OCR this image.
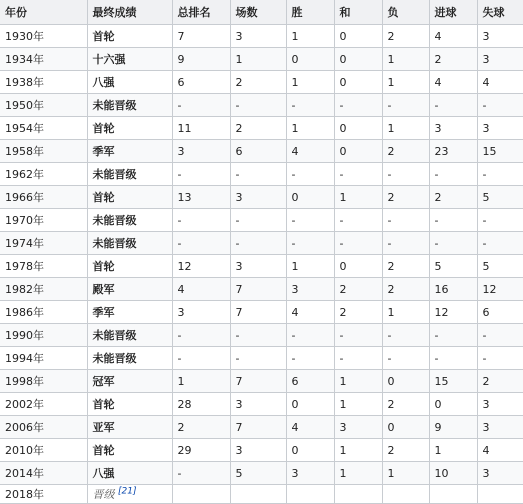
年份	最终成绩	总排名	场数	胜	和	负	进球	失球
1930年	首轮	7	3	1	0	2	4	3
1934年	十六强	9	1	0	0	1	2	3
1938年	八强	6	2	1	0	1	4	4
1950年	未能晋级	-	-	-	-	-	-	-
1954年	首轮	11	2	1	0	1	3	3
1958年	季军	3	6	4	0	2	23	15
1962年	未能晋级	-	-	-	-	-	-	-
1966年	首轮	13	3	0	1	2	2	5
1970年	未能晋级	-	-	-	-	-	-	-
1974年	未能晋级	-	-	-	-	-	-	-
1978年	首轮	12	3	1	0	2	5	5
1982年	殿军	4	7	3	2	2	16	12
1986年	季军	3	7	4	2	1	12	6
1990年	未能晋级	-	-	-	-	-	-	-
1994年	未能晋级	-	-	-	-	-	-	-
1998年	冠军	1	7	6	1	0	15	2
2002年	首轮	28	3	0	1	2	0	3
2006年	亚军	2	7	4	3	0	9	3
2010年	首轮	29	3	0	1	2	1	4
2014年	八强	-	5	3	1	1	10	3
2018年	晋级 [21]							
